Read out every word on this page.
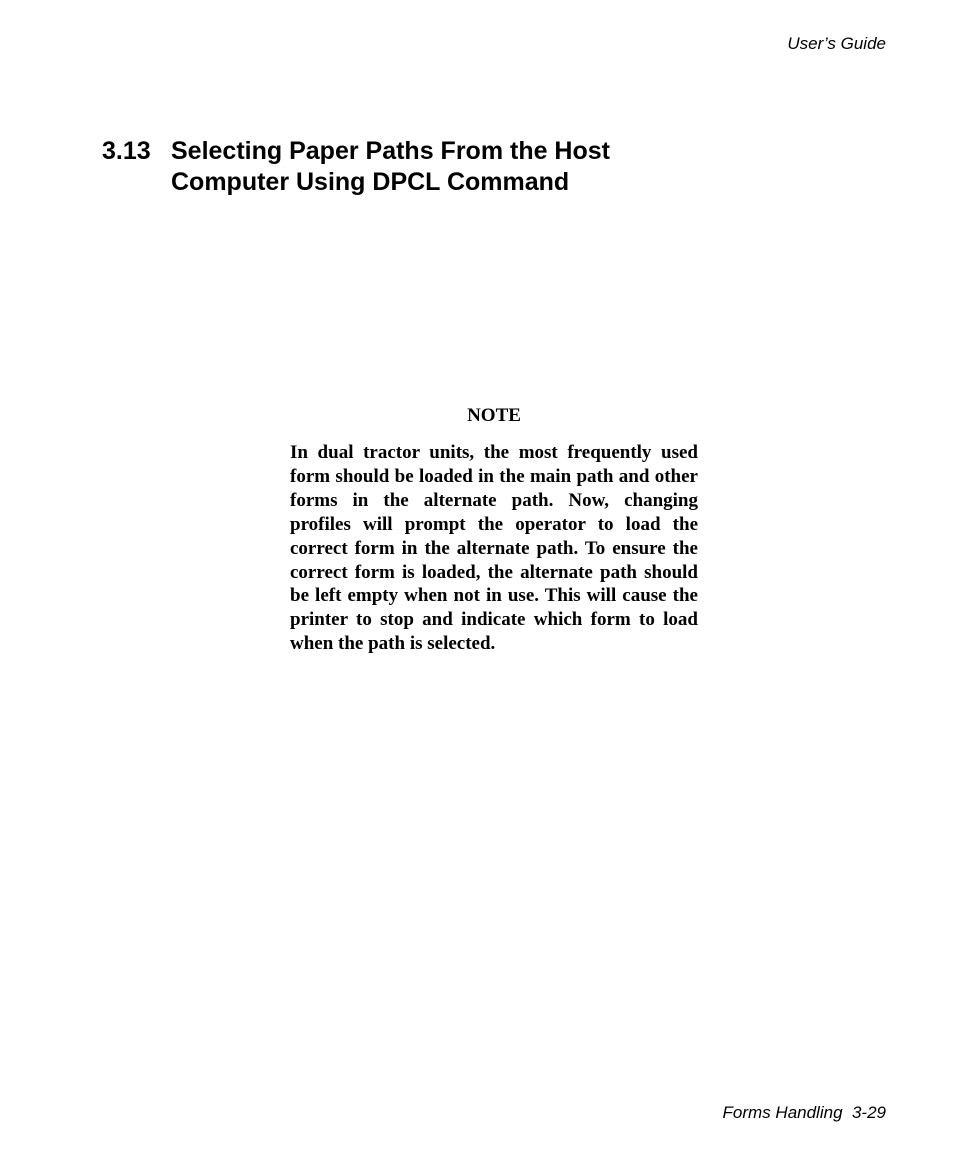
User’s Guide
3.13 Selecting Paper Paths From the Host Computer Using DPCL Command
NOTE
In dual tractor units, the most frequently used form should be loaded in the main path and other forms in the alternate path. Now, changing profiles will prompt the operator to load the correct form in the alternate path. To ensure the correct form is loaded, the alternate path should be left empty when not in use. This will cause the printer to stop and indicate which form to load when the path is selected.
Forms Handling  3-29
